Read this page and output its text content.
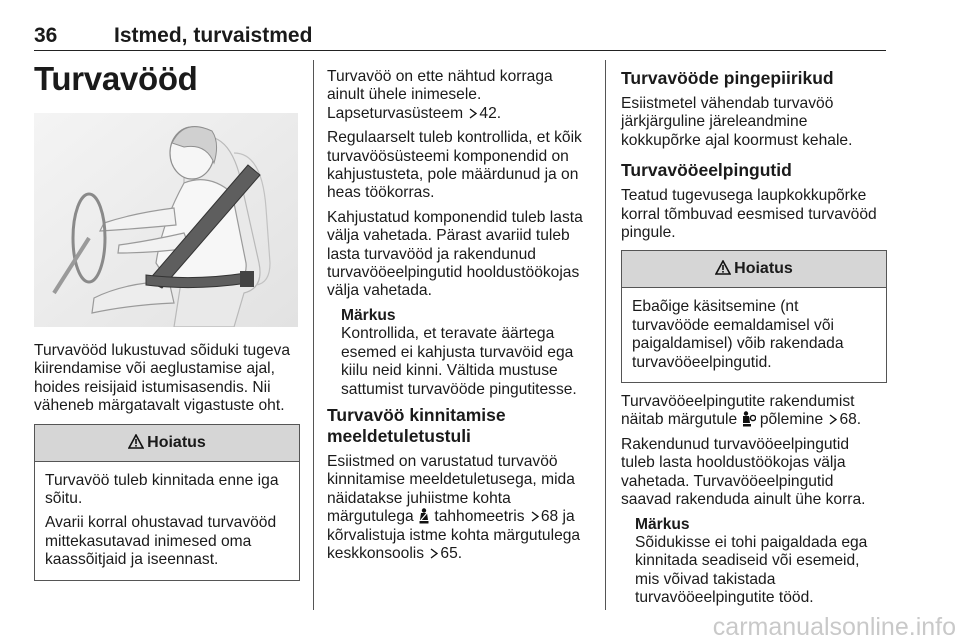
36	Istmed, turvaistmed
Turvavööd

Turvavööd lukustuvad sõiduki tugeva kiirendamise või aeglustamise ajal, hoides reisijaid istumisasendis. Nii väheneb märgatavalt vigastuste oht.

Hoiatus

Turvavöö tuleb kinnitada enne iga sõitu.

Avarii korral ohustavad turvavööd mittekasutavad inimesed oma kaassõitjaid ja iseennast.

Turvavöö on ette nähtud korraga ainult ühele inimesele. Lapseturvasüsteem 42.

Regulaarselt tuleb kontrollida, et kõik turvavöösüsteemi komponendid on kahjustusteta, pole määrdunud ja on heas töökorras.

Kahjustatud komponendid tuleb lasta välja vahetada. Pärast avariid tuleb lasta turvavööd ja rakendunud turvavööeelpingutid hooldustöökojas välja vahetada.

Märkus
Kontrollida, et teravate äärtega esemed ei kahjusta turvavöid ega kiilu neid kinni. Vältida mustuse sattumist turvavööde pingutitesse.
Turvavöö kinnitamise meeldetuletustuli

Esiistmed on varustatud turvavöö kinnitamise meeldetuletusega, mida näidatakse juhiistme kohta märgutulega  tahhomeetris 68 ja kõrvalistuja istme kohta märgutulega keskkonsoolis 65.

Turvavööde pingepiirikud

Esiistmetel vähendab turvavöö järkjärguline järeleandmine kokkupõrke ajal koormust kehale.

Turvavööeelpingutid

Teatud tugevusega laupkokkupõrke korral tõmbuvad eesmised turvavööd pingule.

Hoiatus

Ebaõige käsitsemine (nt turvavööde eemaldamisel või paigaldamisel) võib rakendada turvavööeelpingutid.

Turvavööeelpingutite rakendumist näitab märgutule  põlemine 68.

Rakendunud turvavööeelpingutid tuleb lasta hooldustöökojas välja vahetada. Turvavööeelpingutid saavad rakenduda ainult ühe korra.

Märkus
Sõidukisse ei tohi paigaldada ega kinnitada seadiseid või esemeid, mis võivad takistada turvavööeelpingutite tööd.
carmanualsonline.info
